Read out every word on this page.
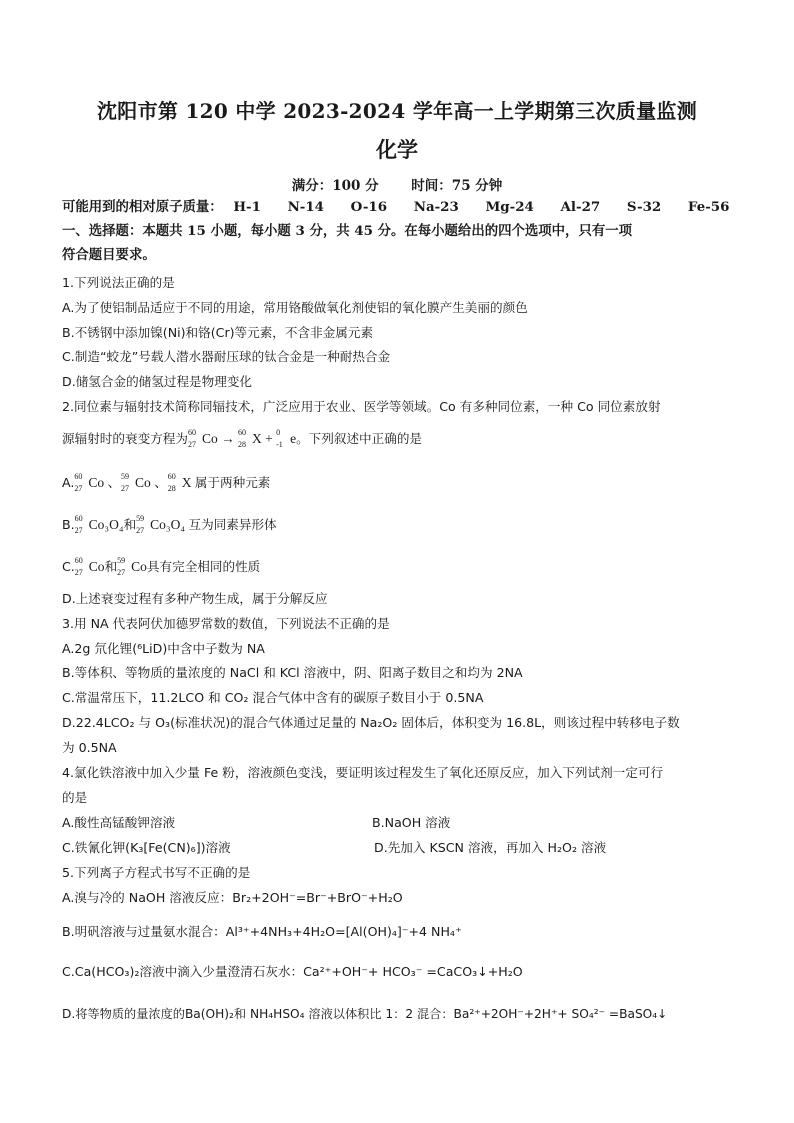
沈阳市第 120 中学 2023-2024 学年高一上学期第三次质量监测
化学
满分：100 分 时间：75 分钟
可能用到的相对原子质量： H-1 N-14 O-16 Na-23 Mg-24 Al-27 S-32 Fe-56
一、选择题：本题共 15 小题，每小题 3 分，共 45 分。在每小题给出的四个选项中，只有一项
符合题目要求。
1.下列说法正确的是
A.为了使铝制品适应于不同的用途，常用铬酸做氧化剂使铝的氧化膜产生美丽的颜色
B.不锈钢中添加镍(Ni)和铬(Cr)等元素，不含非金属元素
C.制造“蛟龙”号载人潜水器耐压球的钛合金是一种耐热合金
D.储氢合金的储氢过程是物理变化
2.同位素与辐射技术简称同辐技术，广泛应用于农业、医学等领域。Co 有多种同位素，一种 Co 同位素放射
源辐射时的衰变方程为 60
27 Co → 60
28 X + 0
-1 e。下列叙述中正确的是
A. 60
27 Co 、 59
27 Co 、 60
28 X 属于两种元素
B. 60
27 Co₃O₄和 59
27 Co₃O₄ 互为同素异形体
C. 60
27 Co和 59
27 Co具有完全相同的性质
D.上述衰变过程有多种产物生成，属于分解反应
3.用 NA 代表阿伏加德罗常数的数值，下列说法不正确的是
A.2g 氘化锂(⁶LiD)中含中子数为 NA
B.等体积、等物质的量浓度的 NaCl 和 KCl 溶液中，阴、阳离子数目之和均为 2NA
C.常温常压下，11.2LCO 和 CO₂ 混合气体中含有的碳原子数目小于 0.5NA
D.22.4LCO₂ 与 O₃(标准状况)的混合气体通过足量的 Na₂O₂ 固体后，体积变为 16.8L，则该过程中转移电子数
为 0.5NA
4.氯化铁溶液中加入少量 Fe 粉，溶液颜色变浅，要证明该过程发生了氧化还原反应，加入下列试剂一定可行
的是
A.酸性高锰酸钾溶液	B.NaOH 溶液
C.铁氰化钾(K₃[Fe(CN)₆])溶液	D.先加入 KSCN 溶液，再加入 H₂O₂ 溶液
5.下列离子方程式书写不正确的是
A.溴与冷的 NaOH 溶液反应：Br₂+2OH⁻=Br⁻+BrO⁻+H₂O
B.明矾溶液与过量氨水混合：Al³⁺+4NH₃+4H₂O=[Al(OH)₄]⁻+4 NH₄⁺
C.Ca(HCO₃)₂溶液中滴入少量澄清石灰水：Ca²⁺+OH⁻+ HCO₃⁻ =CaCO₃↓+H₂O
D.将等物质的量浓度的Ba(OH)₂和 NH₄HSO₄ 溶液以体积比 1：2 混合：Ba²⁺+2OH⁻+2H⁺+ SO₄²⁻ =BaSO₄↓
